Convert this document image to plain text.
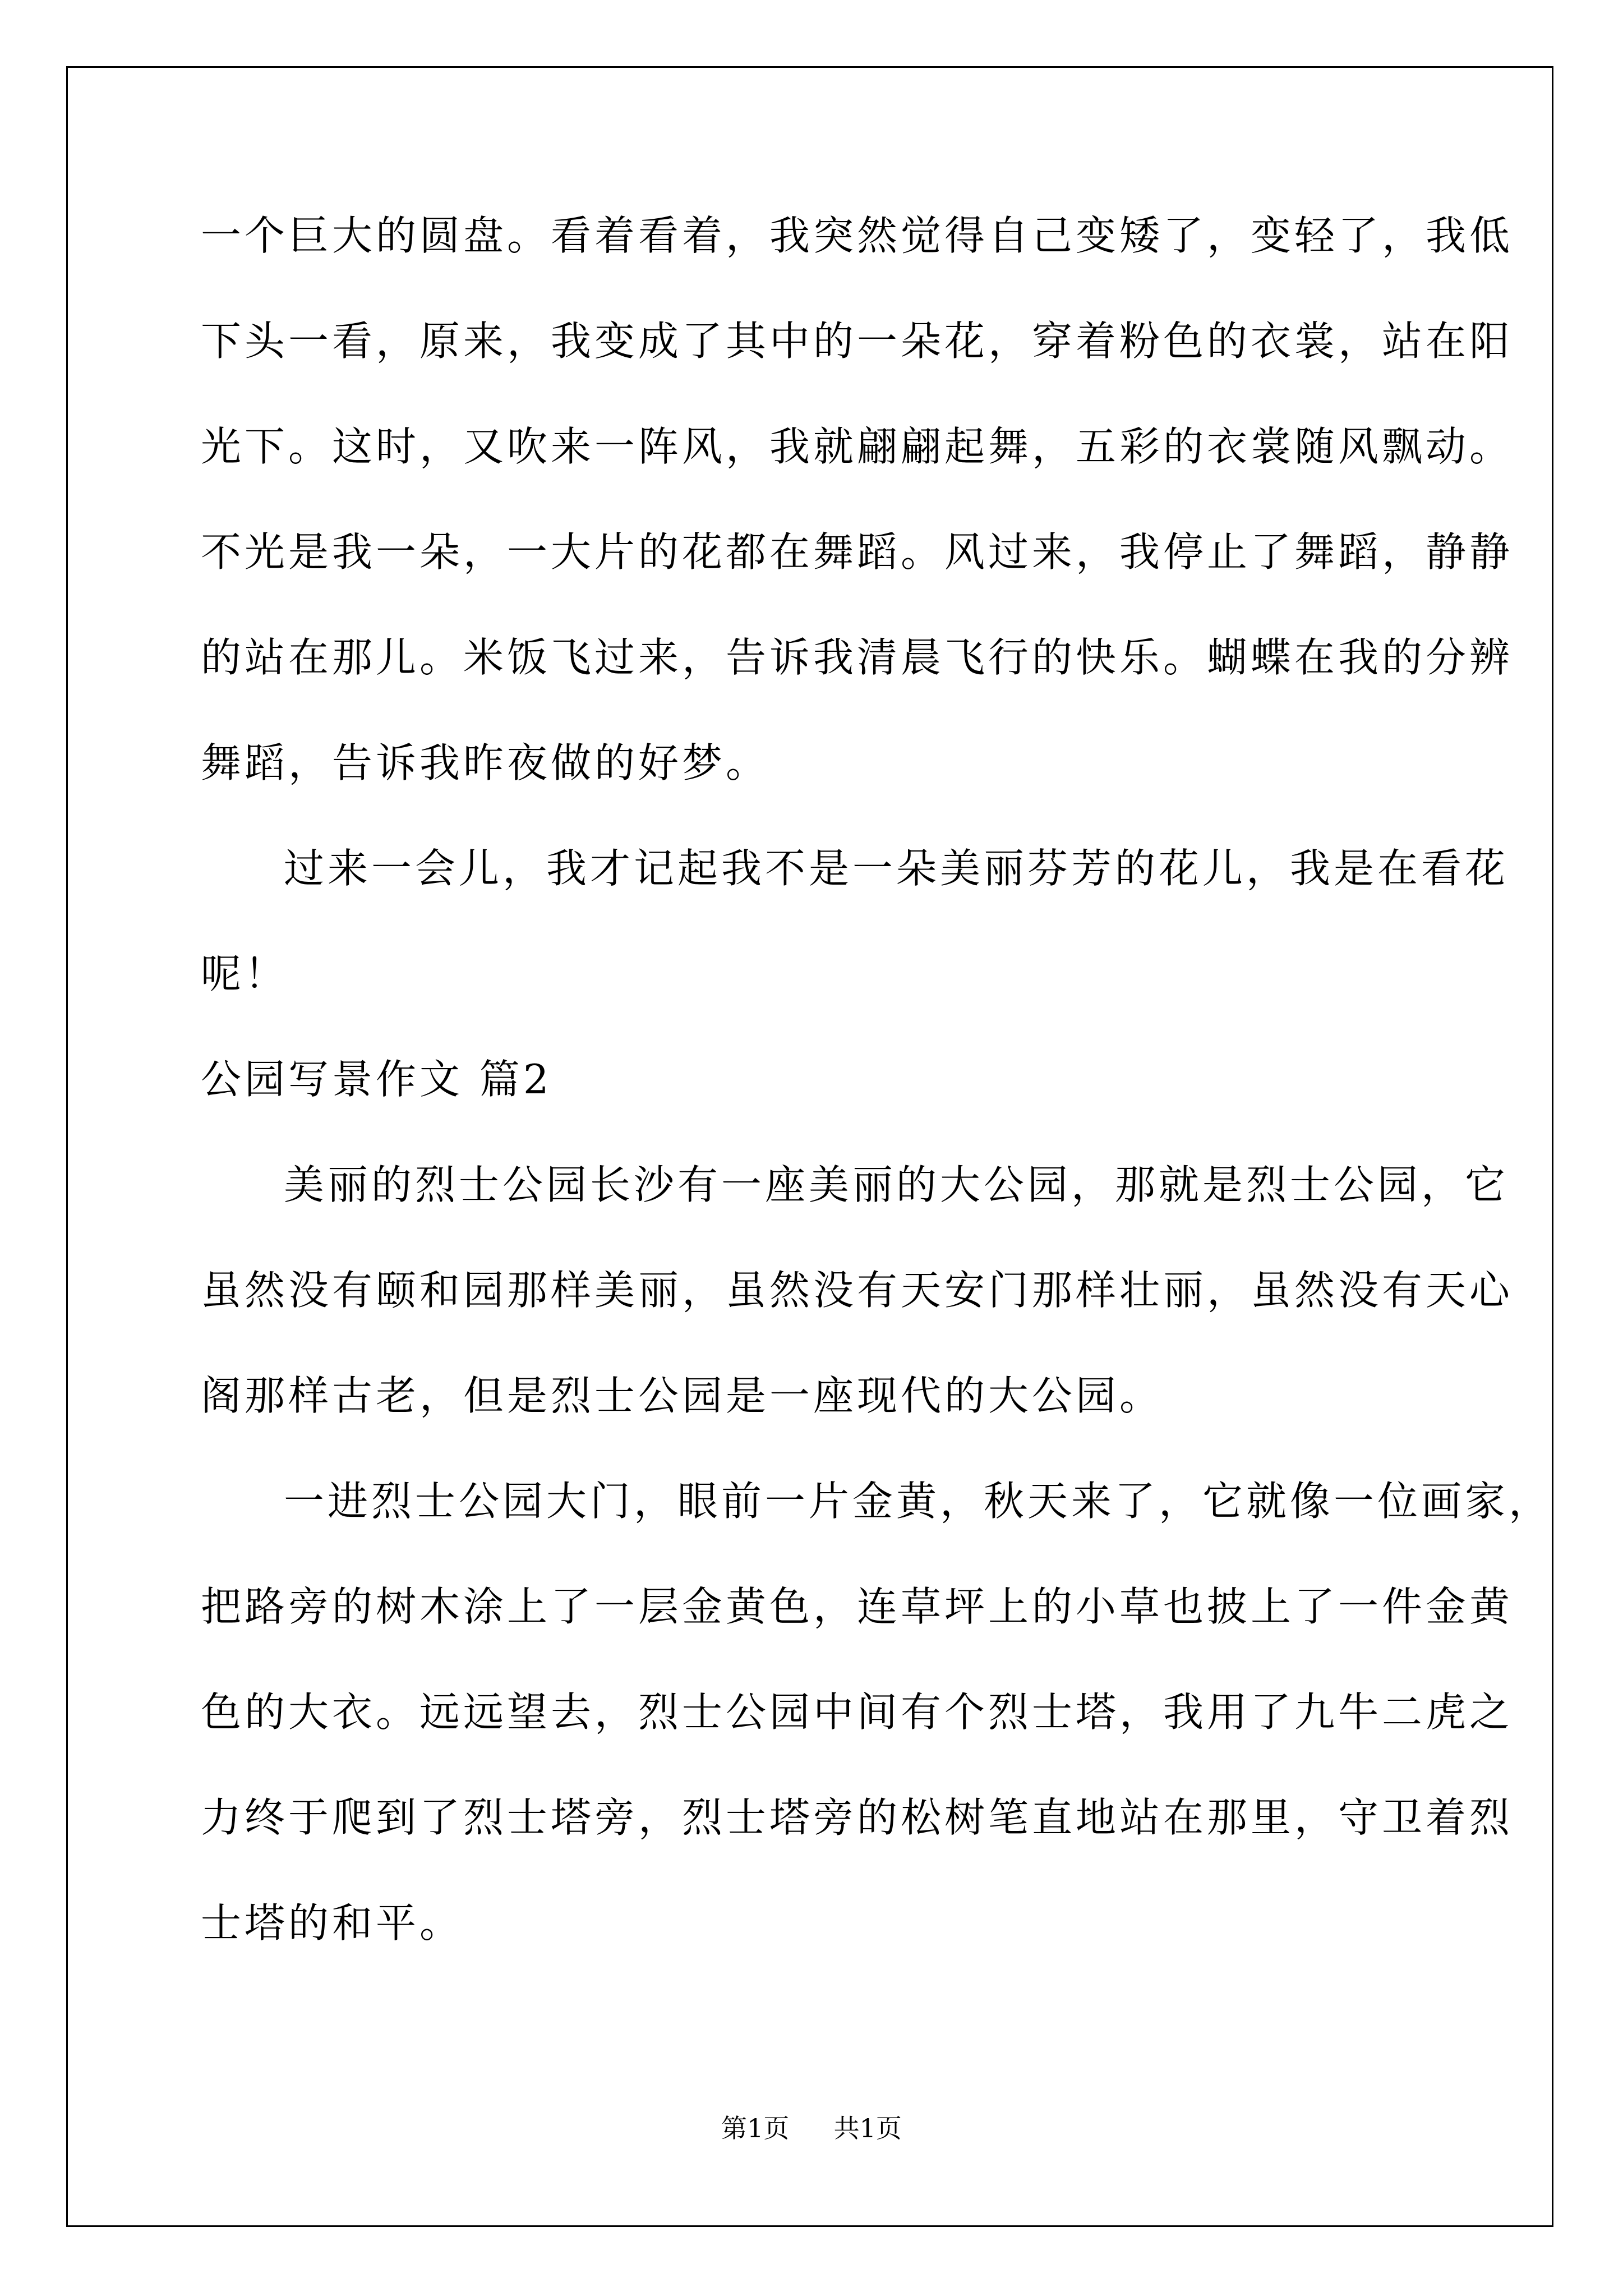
一个巨大的圆盘。看着看着，我突然觉得自己变矮了，变轻了，我低
下头一看，原来，我变成了其中的一朵花，穿着粉色的衣裳，站在阳
光下。这时，又吹来一阵风，我就翩翩起舞，五彩的衣裳随风飘动。
不光是我一朵，一大片的花都在舞蹈。风过来，我停止了舞蹈，静静
的站在那儿。米饭飞过来，告诉我清晨飞行的快乐。蝴蝶在我的分辨
舞蹈，告诉我昨夜做的好梦。
过来一会儿，我才记起我不是一朵美丽芬芳的花儿，我是在看花
呢！
公园写景作文 篇2
美丽的烈士公园长沙有一座美丽的大公园，那就是烈士公园，它
虽然没有颐和园那样美丽，虽然没有天安门那样壮丽，虽然没有天心
阁那样古老，但是烈士公园是一座现代的大公园。
一进烈士公园大门，眼前一片金黄，秋天来了，它就像一位画家，
把路旁的树木涂上了一层金黄色，连草坪上的小草也披上了一件金黄
色的大衣。远远望去，烈士公园中间有个烈士塔，我用了九牛二虎之
力终于爬到了烈士塔旁，烈士塔旁的松树笔直地站在那里，守卫着烈
士塔的和平。
第1页 共1页
